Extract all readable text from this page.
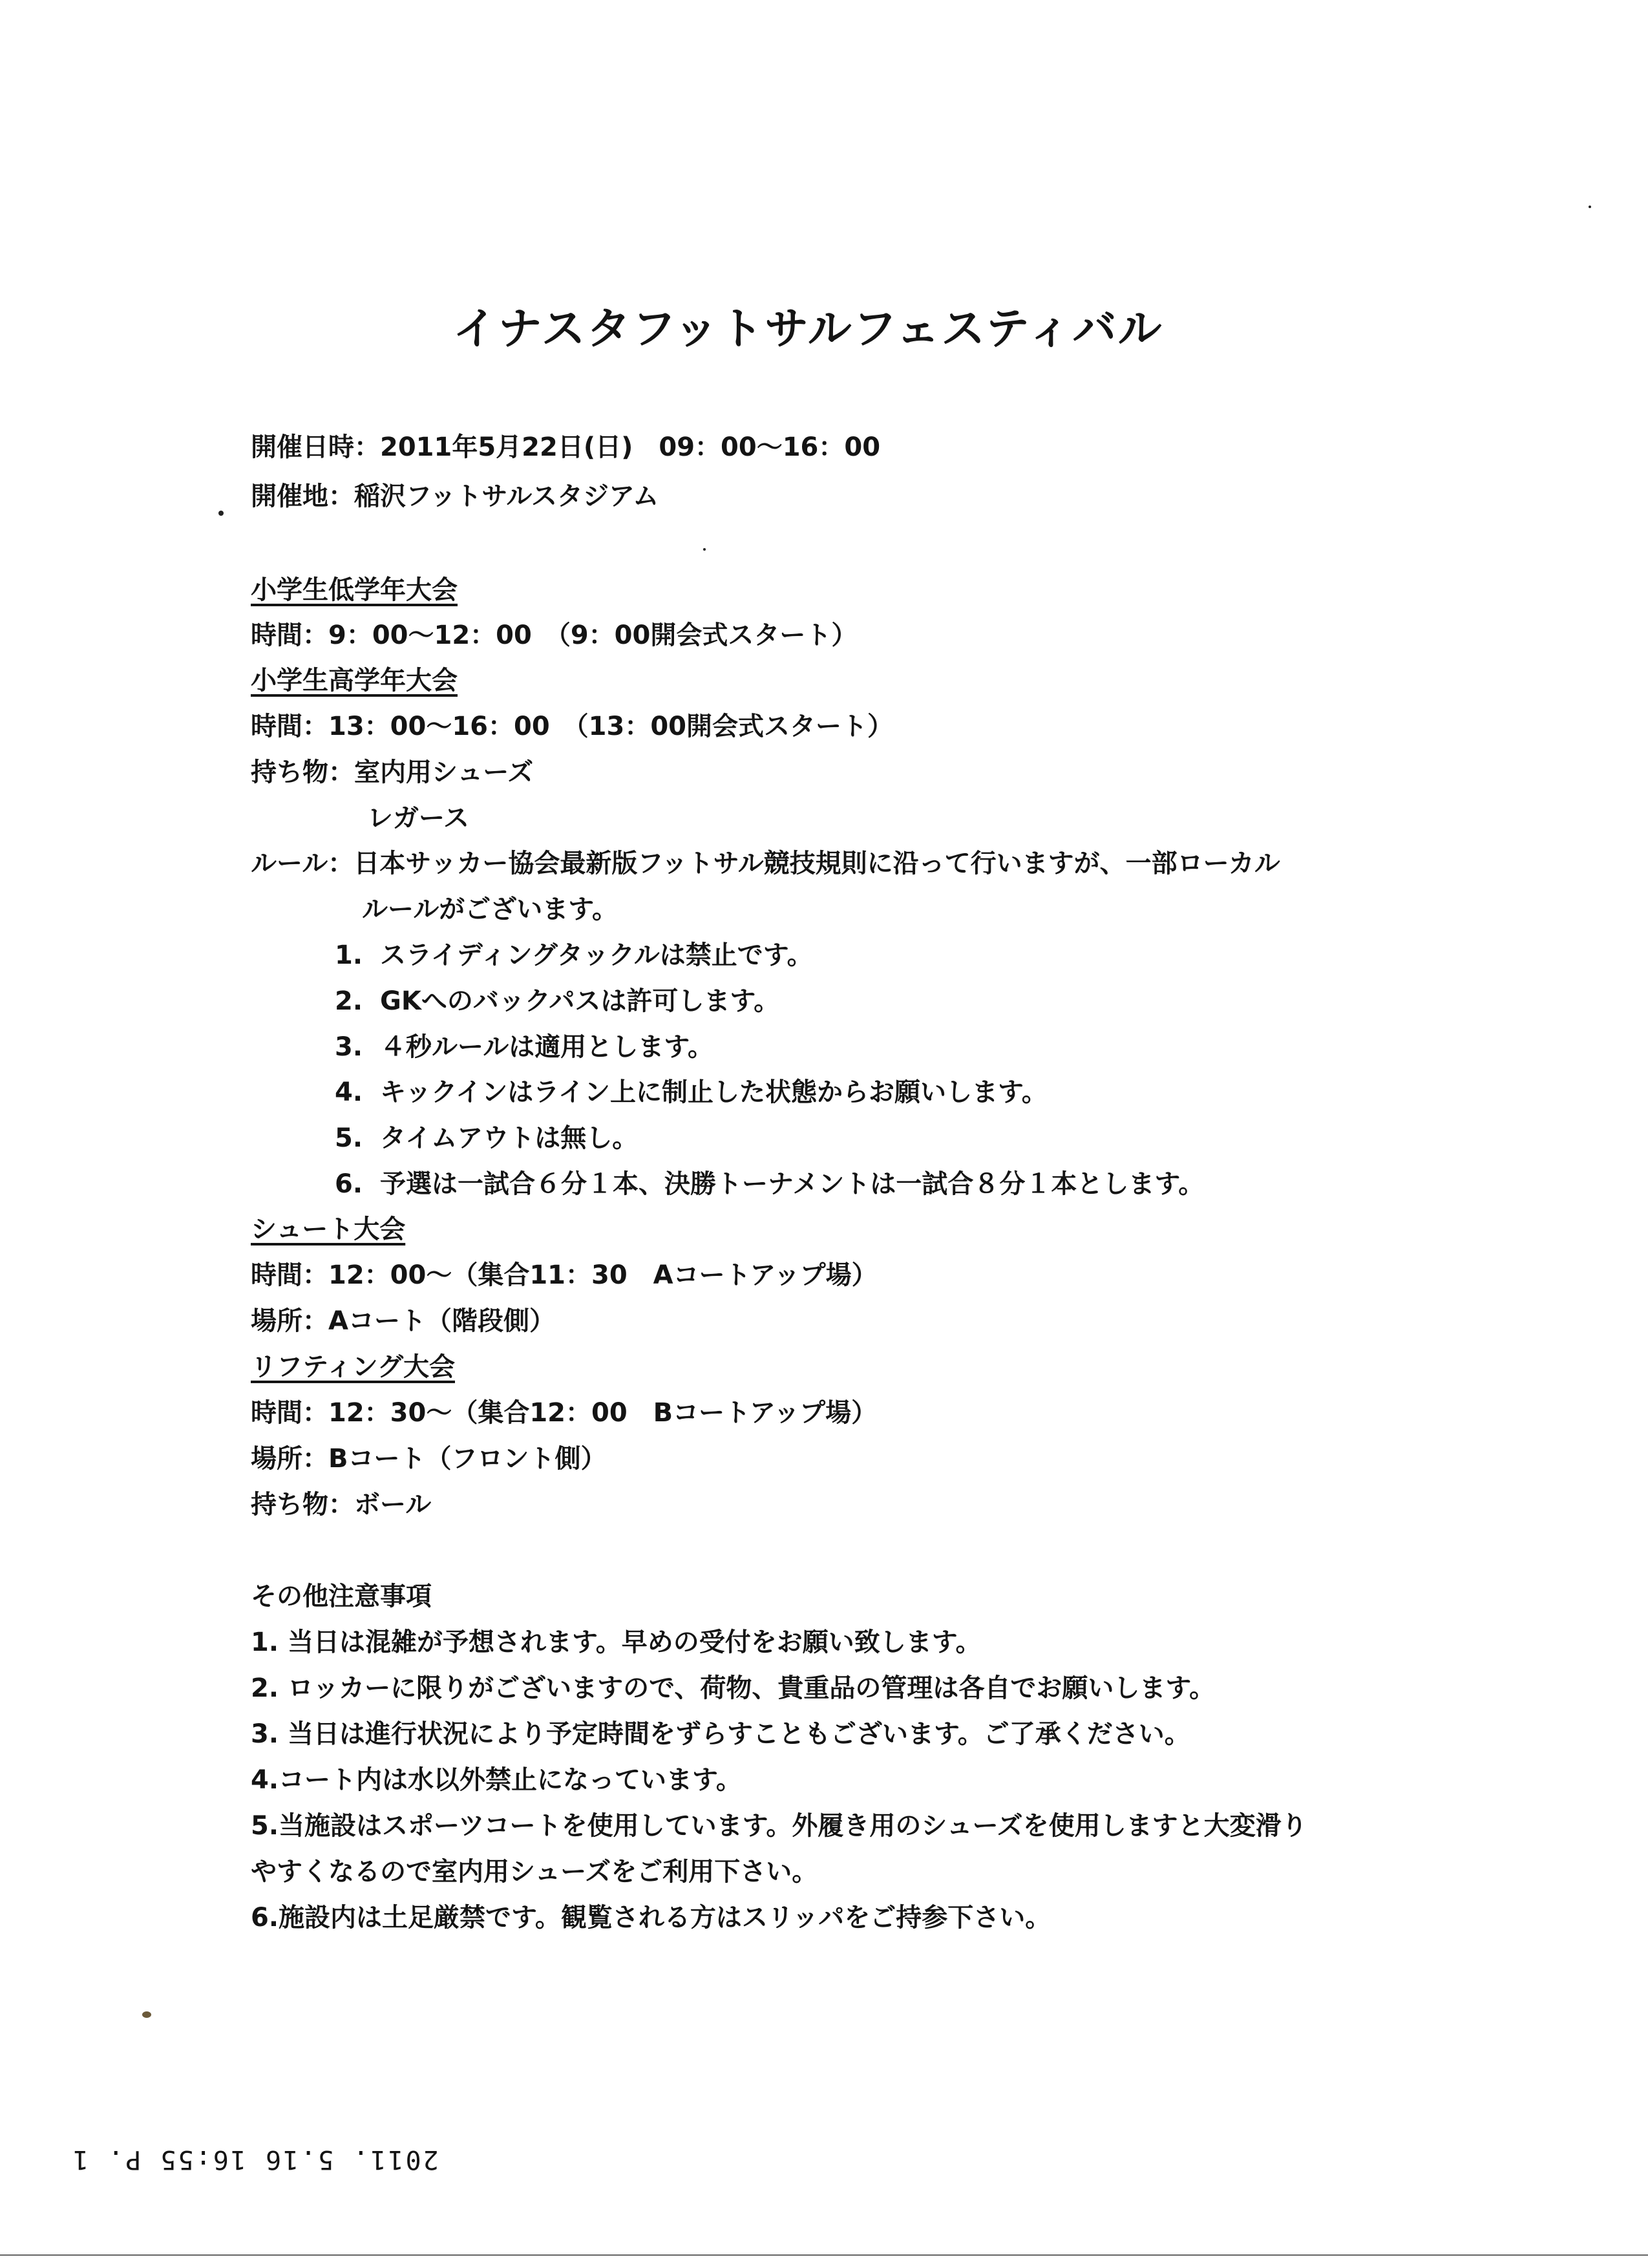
イナスタフットサルフェスティバル
開催日時：2011年5月22日(日)　09：00〜16：00
開催地：稲沢フットサルスタジアム
小学生低学年大会
時間：9：00〜12：00　（9：00開会式スタート）
小学生高学年大会
時間：13：00〜16：00　（13：00開会式スタート）
持ち物：室内用シューズ
レガース
ルール：日本サッカー協会最新版フットサル競技規則に沿って行いますが、一部ローカル
ルールがございます。
1. スライディングタックルは禁止です。
2. GKへのバックパスは許可します。
3. ４秒ルールは適用とします。
4. キックインはライン上に制止した状態からお願いします。
5. タイムアウトは無し。
6. 予選は一試合６分１本、決勝トーナメントは一試合８分１本とします。
シュート大会
時間：12：00〜（集合11：30　Aコートアップ場）
場所：Aコート（階段側）
リフティング大会
時間：12：30〜（集合12：00　Bコートアップ場）
場所：Bコート（フロント側）
持ち物：ボール
その他注意事項
1. 当日は混雑が予想されます。早めの受付をお願い致します。
2. ロッカーに限りがございますので、荷物、貴重品の管理は各自でお願いします。
3. 当日は進行状況により予定時間をずらすこともございます。ご了承ください。
4.コート内は水以外禁止になっています。
5.当施設はスポーツコートを使用しています。外履き用のシューズを使用しますと大変滑り
やすくなるので室内用シューズをご利用下さい。
6.施設内は土足厳禁です。観覧される方はスリッパをご持参下さい。
2011. 5.16 16:55 P. 1
